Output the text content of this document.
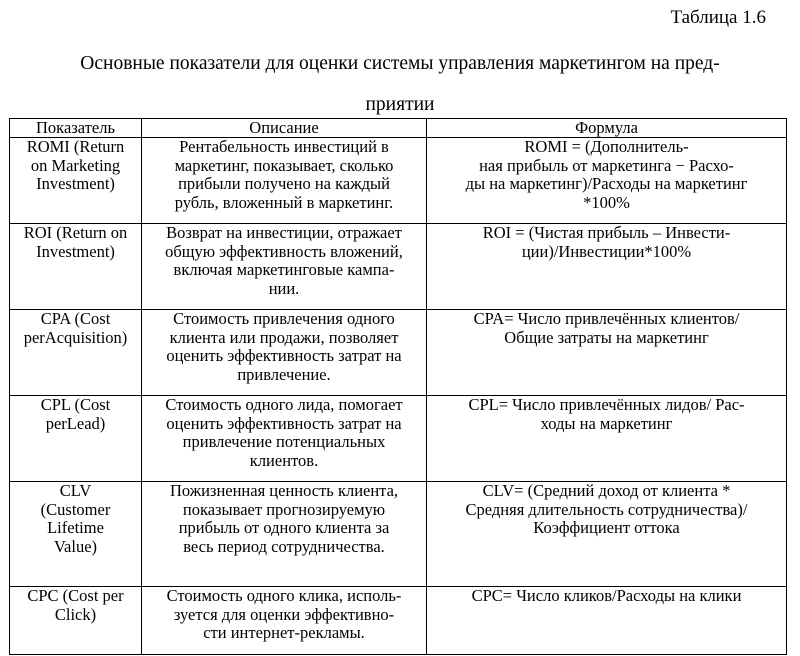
Таблица 1.6
Основные показатели для оценки системы управления маркетингом на пред-
приятии
Показатель	Описание	Формула

ROMI (Return
on Marketing
Investment)	Рентабельность инвестиций в
маркетинг, показывает, сколько
прибыли получено на каждый
рубль, вложенный в маркетинг.	ROMI = (Дополнитель-
ная прибыль от маркетинга − Расхо-
ды на маркетинг)/Расходы на маркетинг
*100%

ROI (Return on
Investment)	Возврат на инвестиции, отражает
общую эффективность вложений,
включая маркетинговые кампа-
нии.	ROI = (Чистая прибыль – Инвести-
ции)/Инвестиции*100%

CPA (Cost
perAcquisition)	Стоимость привлечения одного
клиента или продажи, позволяет
оценить эффективность затрат на
привлечение.	CPA= Число привлечённых клиентов/
Общие затраты на маркетинг

CPL (Cost
perLead)	Стоимость одного лида, помогает
оценить эффективность затрат на
привлечение потенциальных
клиентов.	CPL= Число привлечённых лидов/ Рас-
ходы на маркетинг

CLV
(Customer
Lifetime
Value)	Пожизненная ценность клиента,
показывает прогнозируемую
прибыль от одного клиента за
весь период сотрудничества.	CLV= (Средний доход от клиента *
Средняя длительность сотрудничества)/
Коэффициент оттока

CPC (Cost per
Click)	Стоимость одного клика, исполь-
зуется для оценки эффективно-
сти интернет-рекламы.	CPC= Число кликов/Расходы на клики
